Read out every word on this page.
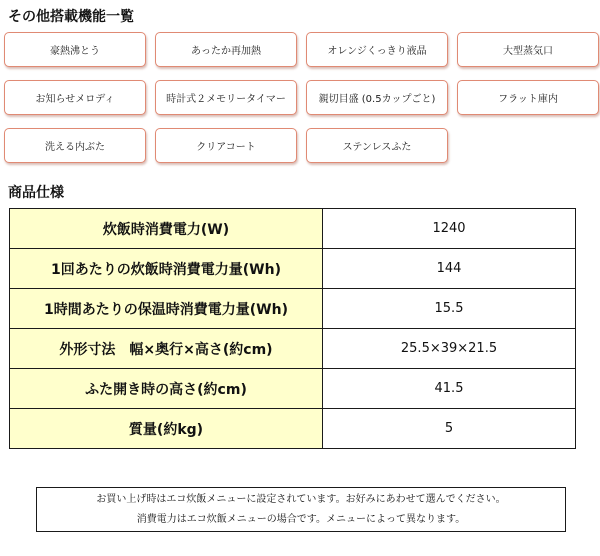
その他搭載機能一覧
豪熱沸とう	あったか再加熱	オレンジくっきり液晶	大型蒸気口
お知らせメロディ	時計式２メモリータイマー	親切目盛 (0.5カップごと)	フラット庫内
洗える内ぶた	クリアコート	ステンレスふた
商品仕様
炊飯時消費電力(W)	1240
1回あたりの炊飯時消費電力量(Wh)	144
1時間あたりの保温時消費電力量(Wh)	15.5
外形寸法　幅×奥行×高さ(約cm)	25.5×39×21.5
ふた開き時の高さ(約cm)	41.5
質量(約kg)	5
お買い上げ時はエコ炊飯メニューに設定されています。お好みにあわせて選んでください。
消費電力はエコ炊飯メニューの場合です。メニューによって異なります。
